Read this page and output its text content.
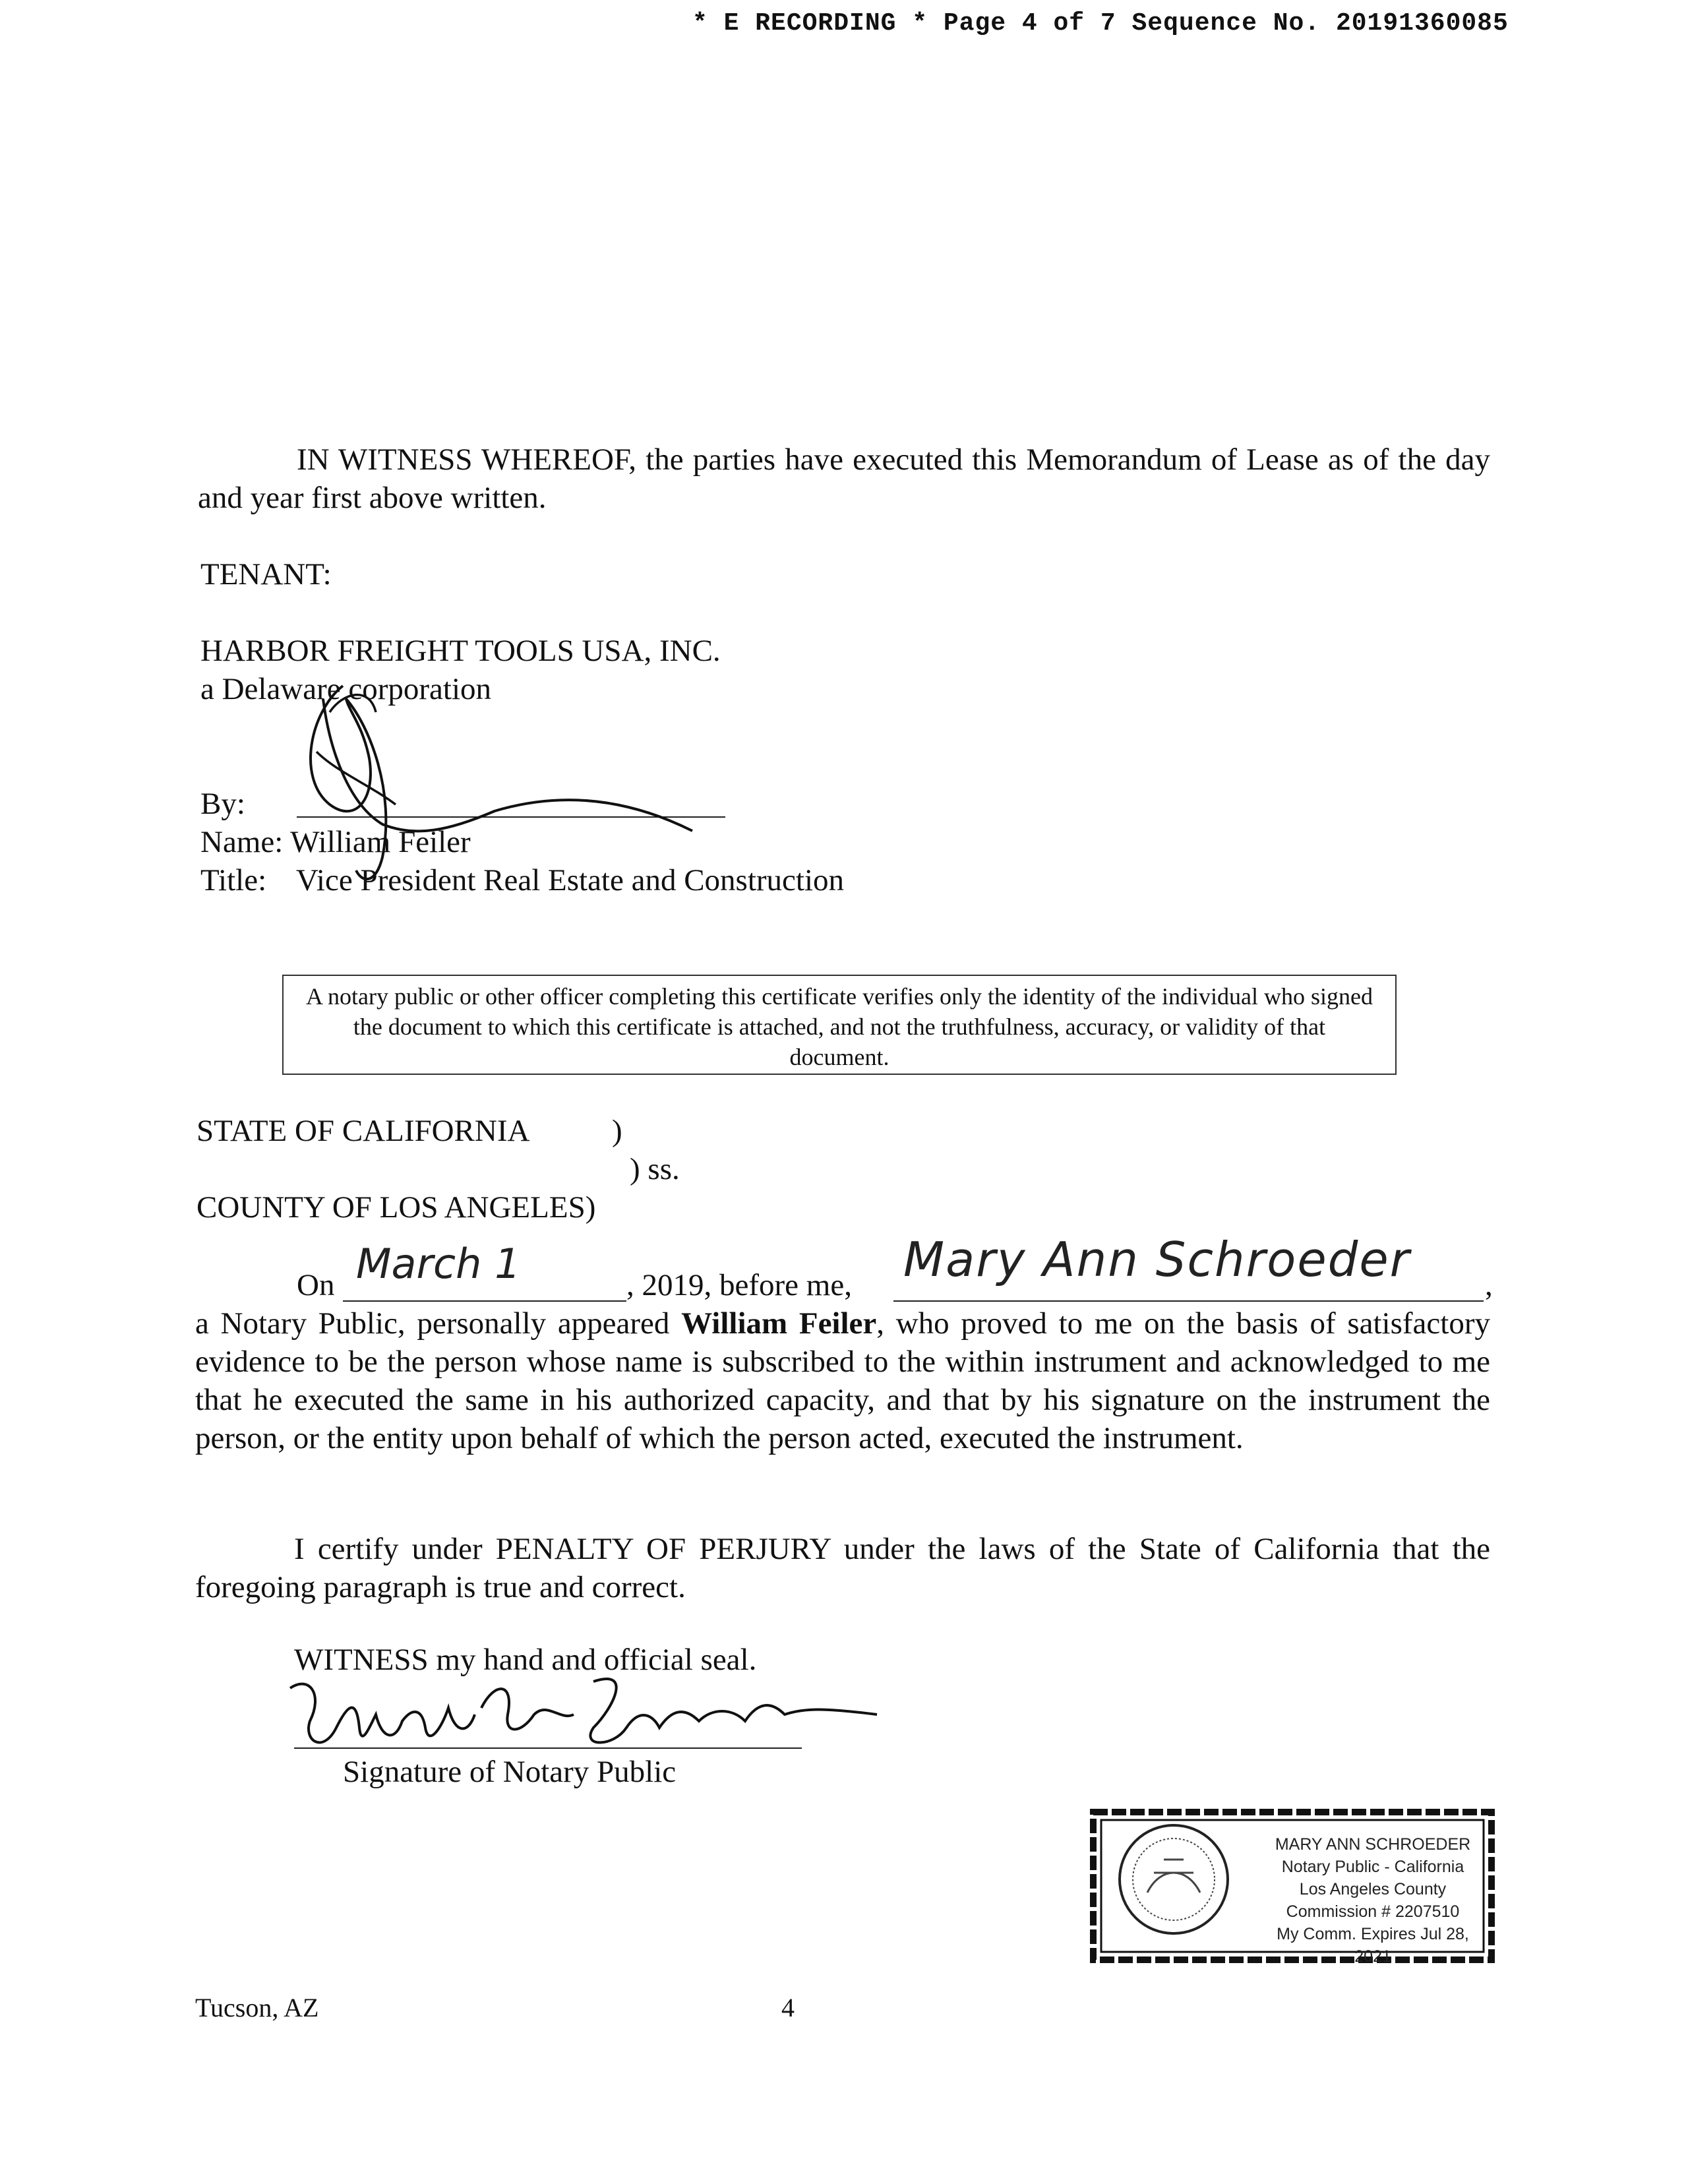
* E RECORDING * Page 4 of 7 Sequence No. 20191360085
IN WITNESS WHEREOF, the parties have executed this Memorandum of Lease as of the day and year first above written.
TENANT:
HARBOR FREIGHT TOOLS USA, INC.
a Delaware corporation
By:
Name: William Feiler
Title: Vice President Real Estate and Construction
A notary public or other officer completing this certificate verifies only the identity of the individual who signed the document to which this certificate is attached, and not the truthfulness, accuracy, or validity of that document.
STATE OF CALIFORNIA	)
) ss.
COUNTY OF LOS ANGELES)
On March 1	, 2019, before me, Mary Ann Schroeder ,
a Notary Public, personally appeared William Feiler, who proved to me on the basis of satisfactory evidence to be the person whose name is subscribed to the within instrument and acknowledged to me that he executed the same in his authorized capacity, and that by his signature on the instrument the person, or the entity upon behalf of which the person acted, executed the instrument.
I certify under PENALTY OF PERJURY under the laws of the State of California that the foregoing paragraph is true and correct.
WITNESS my hand and official seal.
Signature of Notary Public
MARY ANN SCHROEDER
Notary Public - California
Los Angeles County
Commission # 2207510
My Comm. Expires Jul 28, 2021
Tucson, AZ	4
